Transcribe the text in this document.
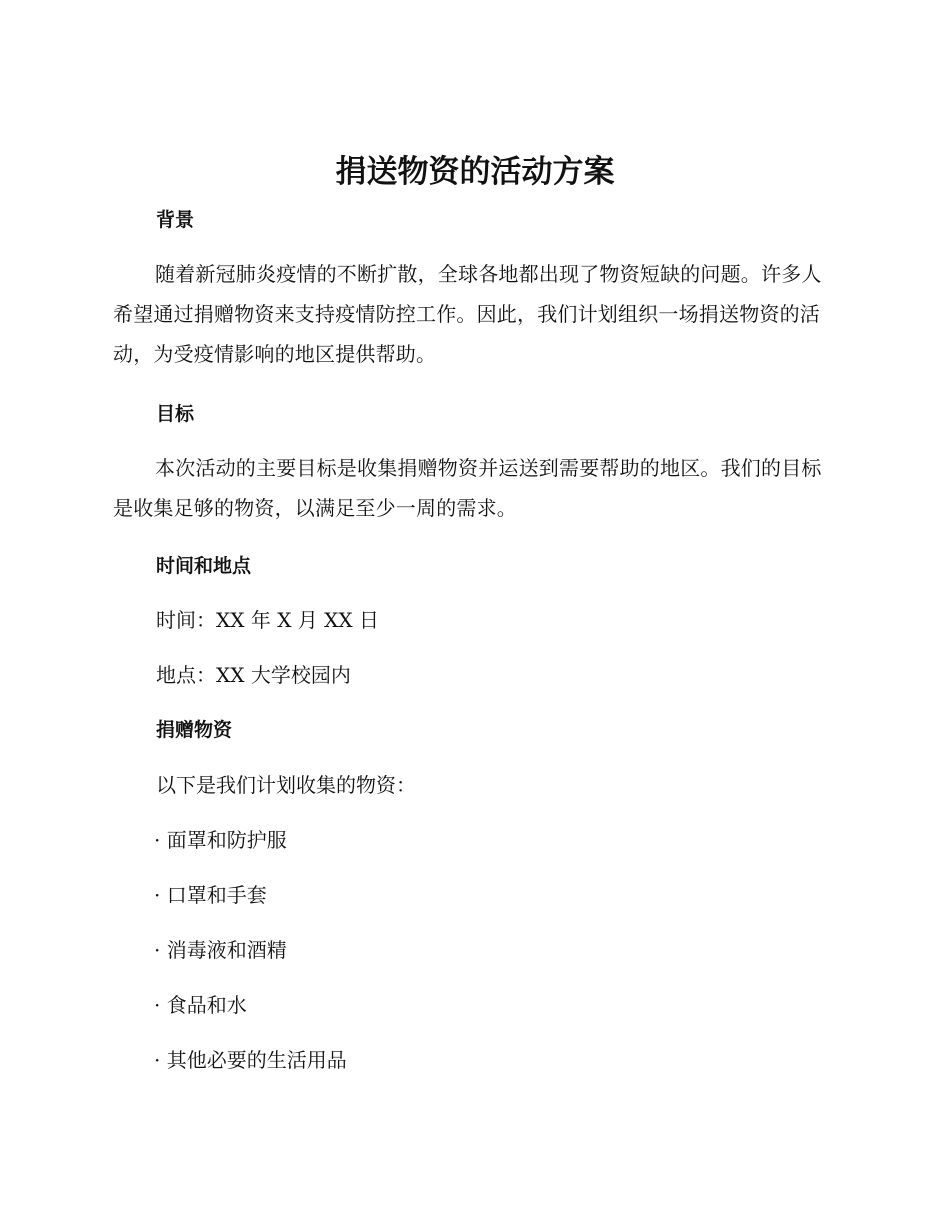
捐送物资的活动方案
背景

随着新冠肺炎疫情的不断扩散，全球各地都出现了物资短缺的问题。许多人希望通过捐赠物资来支持疫情防控工作。因此，我们计划组织一场捐送物资的活动，为受疫情影响的地区提供帮助。

目标

本次活动的主要目标是收集捐赠物资并运送到需要帮助的地区。我们的目标是收集足够的物资，以满足至少一周的需求。

时间和地点

时间：XX 年 X 月 XX 日

地点：XX 大学校园内

捐赠物资

以下是我们计划收集的物资：

· 面罩和防护服

· 口罩和手套

· 消毒液和酒精

· 食品和水

· 其他必要的生活用品
